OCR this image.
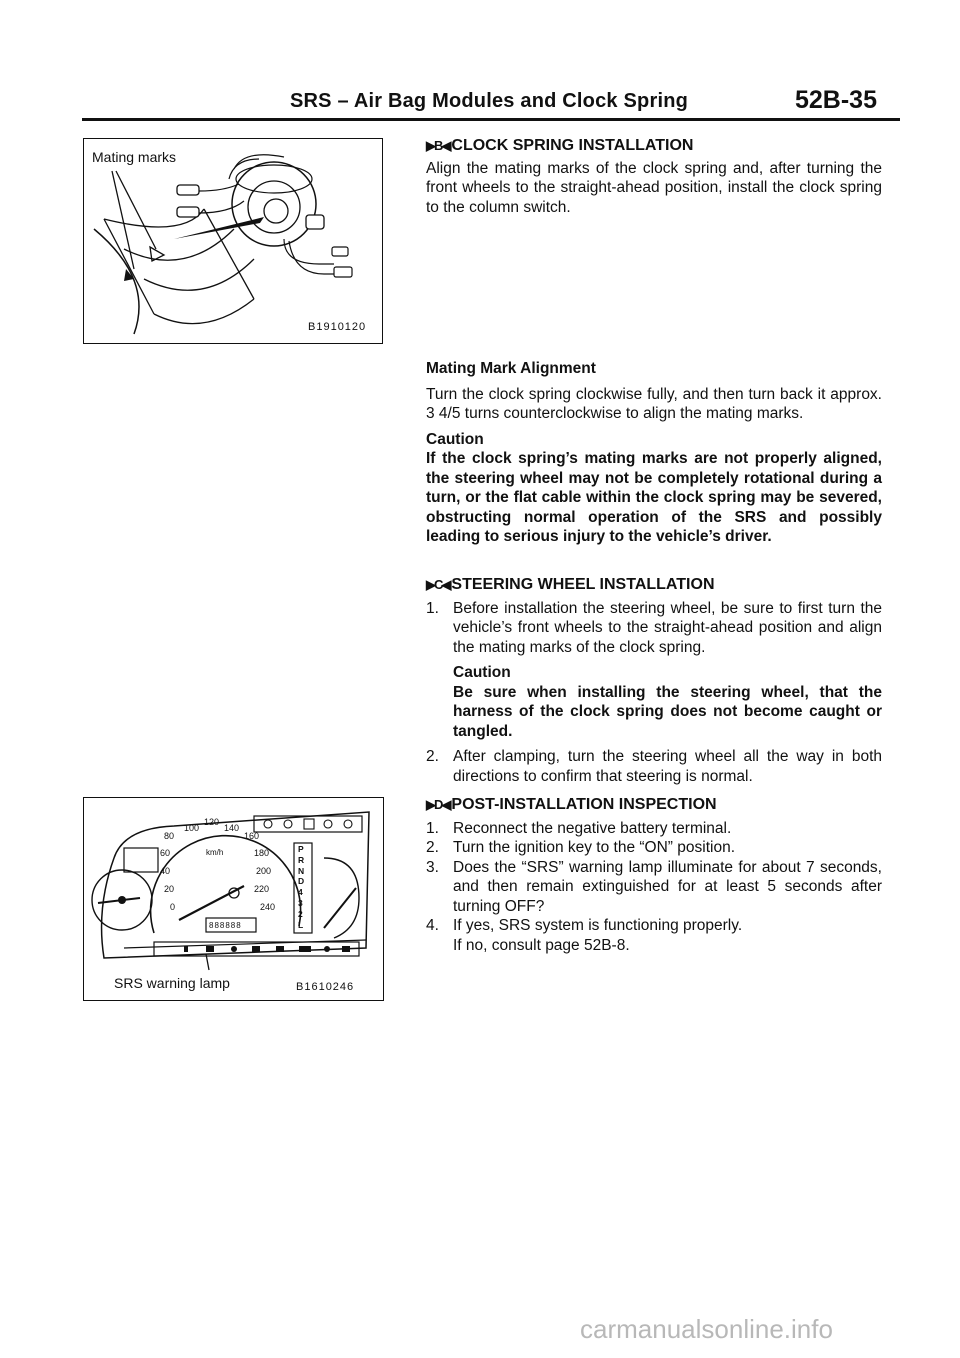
SRS – Air Bag Modules and Clock Spring	52B-35
Mating marks
B1910120
100
120
140
80	160
60	180
40	200
20	220
0	240
km/h
888888
P
R
N
D
4
3
2
L
SRS warning lamp	B1610246
▶B◀ CLOCK SPRING INSTALLATION

Align the mating marks of the clock spring and, after turning the front wheels to the straight-ahead position, install the clock spring to the column switch.

Mating Mark Alignment

Turn the clock spring clockwise fully, and then turn back it approx. 3 4/5 turns counterclockwise to align the mating marks.

Caution

If the clock spring’s mating marks are not properly aligned, the steering wheel may not be completely rotational during a turn, or the flat cable within the clock spring may be severed, obstructing normal operation of the SRS and possibly leading to serious injury to the vehicle’s driver.

▶C◀ STEERING WHEEL INSTALLATION
1. Before installation the steering wheel, be sure to first turn the vehicle’s front wheels to the straight-ahead position and align the mating marks of the clock spring.

Caution

Be sure when installing the steering wheel, that the harness of the clock spring does not become caught or tangled.

2. After clamping, turn the steering wheel all the way in both directions to confirm that steering is normal.

▶D◀ POST-INSTALLATION INSPECTION
1. Reconnect the negative battery terminal.

2. Turn the ignition key to the “ON” position.

3. Does the “SRS” warning lamp illuminate for about 7 seconds, and then remain extinguished for at least 5 seconds after turning OFF?

4. If yes, SRS system is functioning properly.

If no, consult page 52B-8.

carmanualsonline.info
